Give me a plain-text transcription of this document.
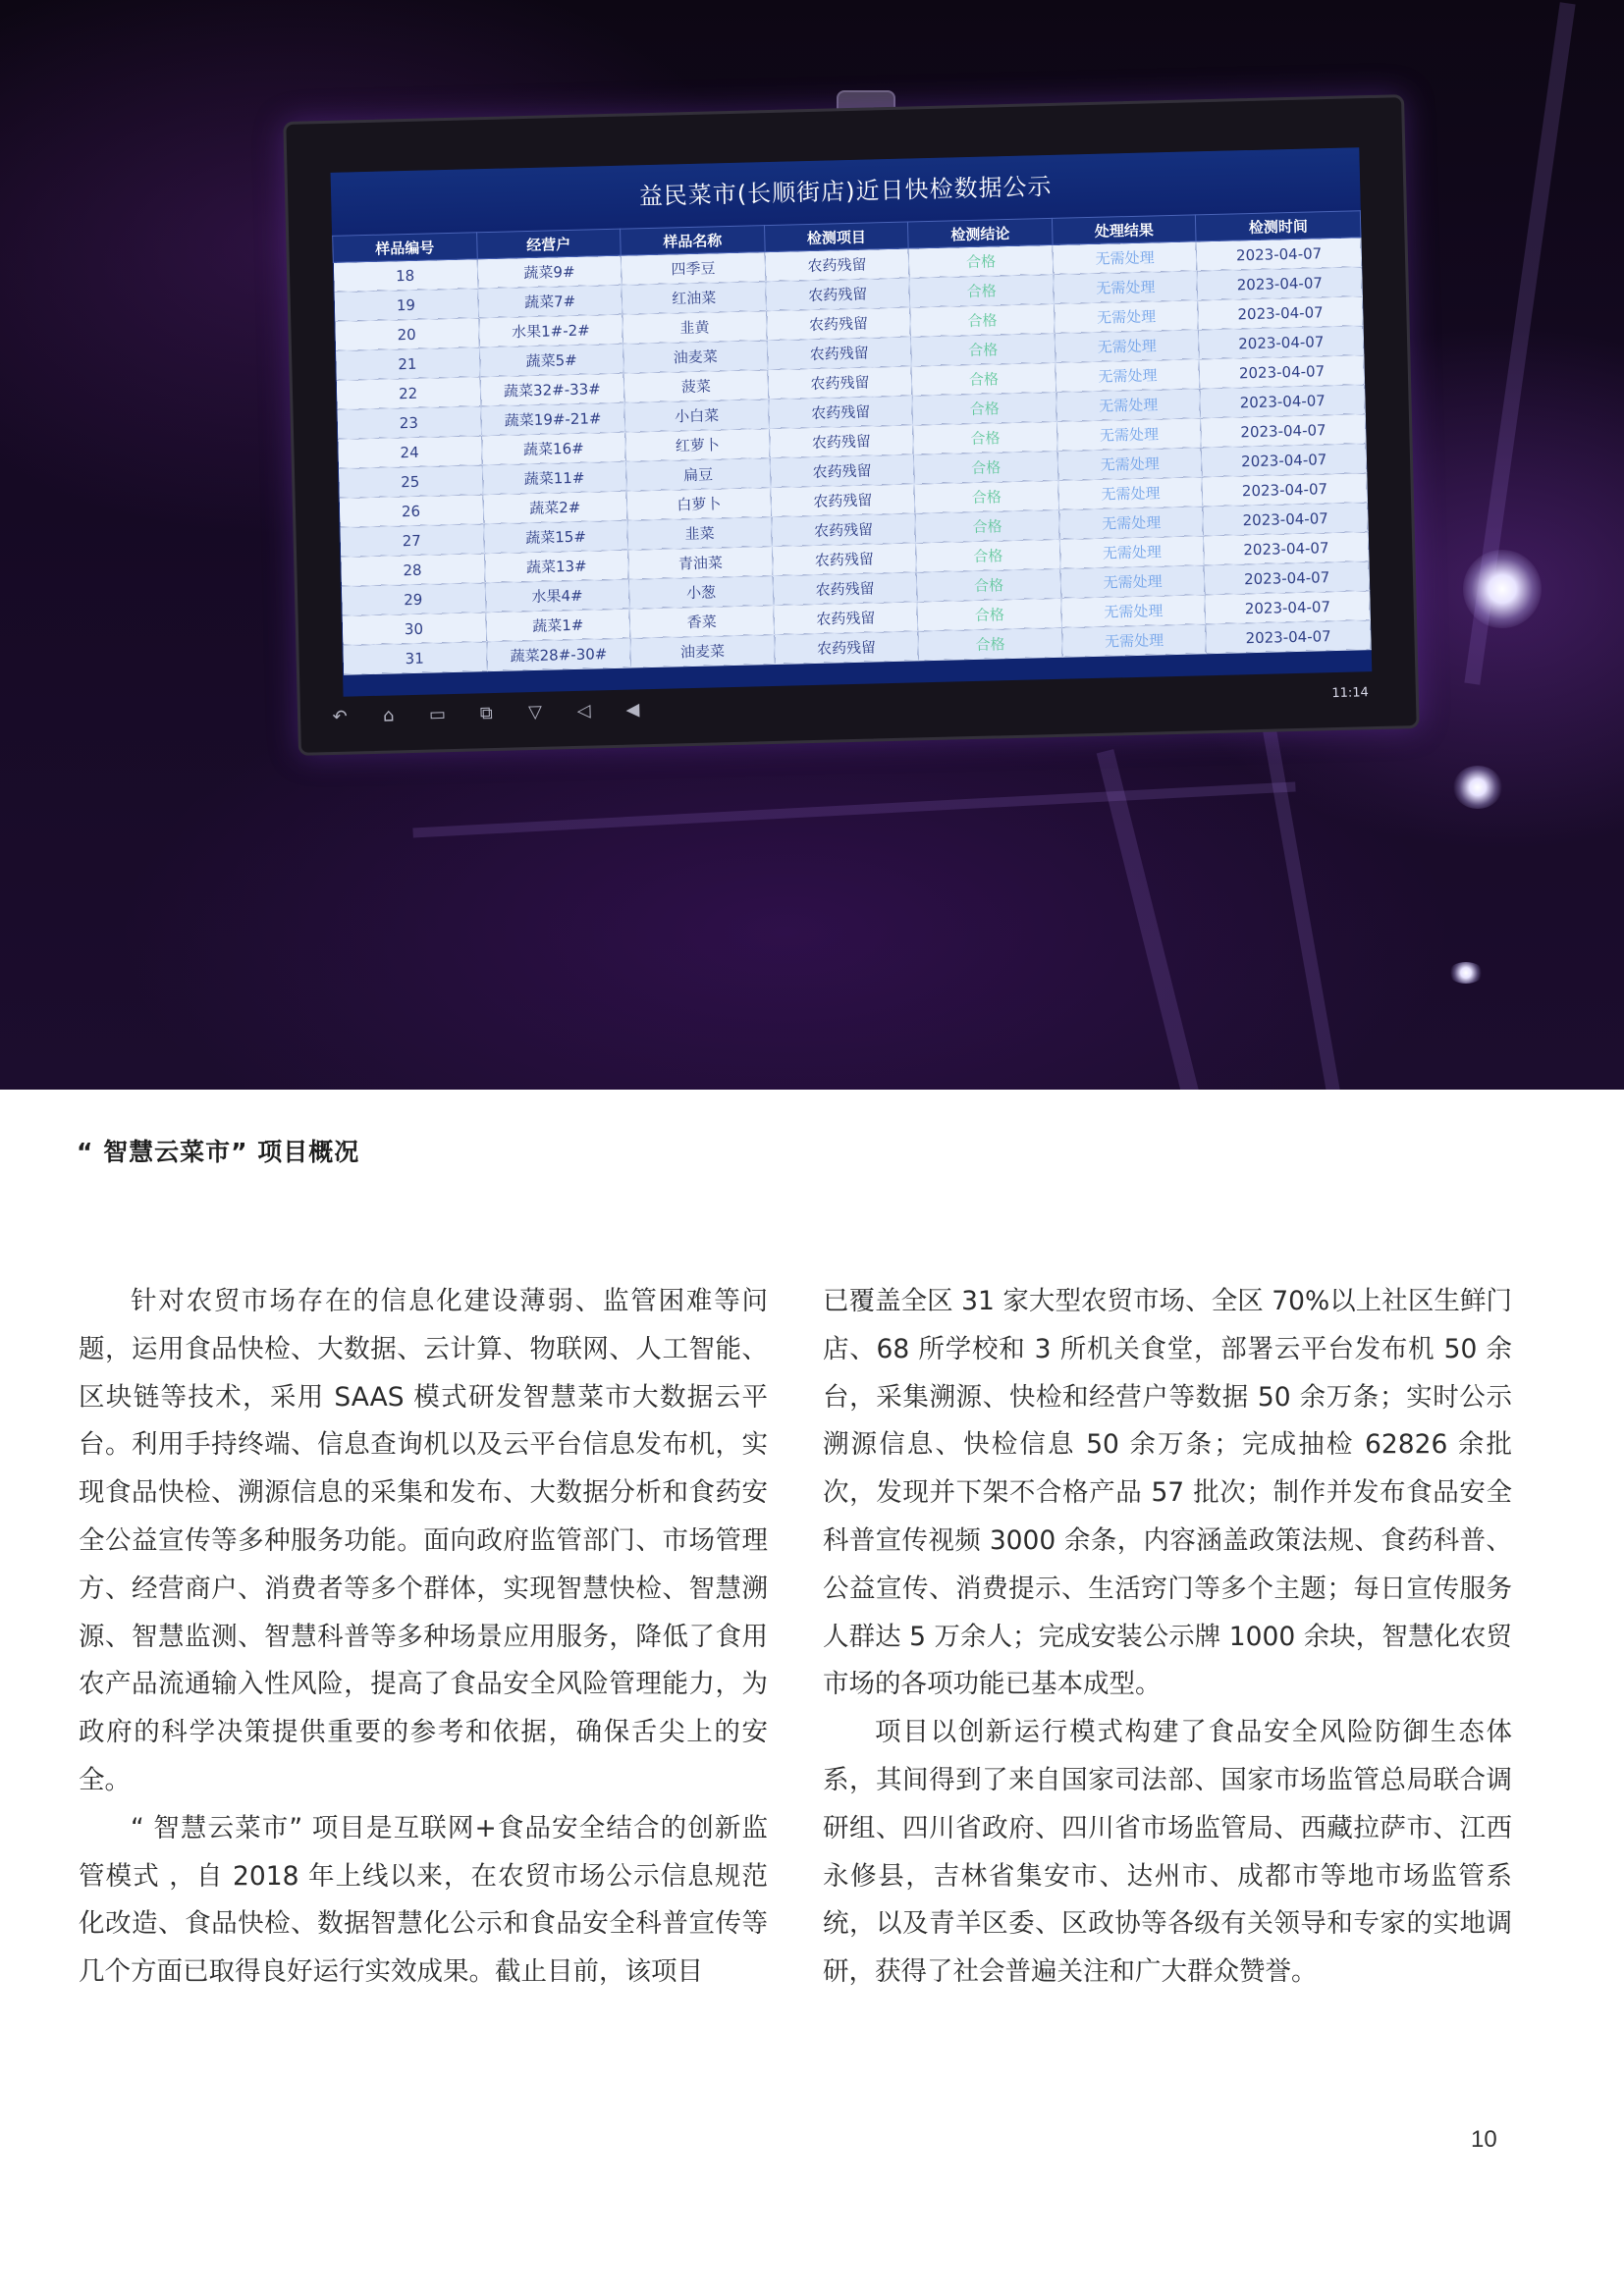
益民菜市(长顺街店)近日快检数据公示
样品编号	经营户	样品名称	检测项目	检测结论	处理结果	检测时间
18	蔬菜9#	四季豆	农药残留	合格	无需处理	2023-04-07
19	蔬菜7#	红油菜	农药残留	合格	无需处理	2023-04-07
20	水果1#-2#	韭黄	农药残留	合格	无需处理	2023-04-07
21	蔬菜5#	油麦菜	农药残留	合格	无需处理	2023-04-07
22	蔬菜32#-33#	菠菜	农药残留	合格	无需处理	2023-04-07
23	蔬菜19#-21#	小白菜	农药残留	合格	无需处理	2023-04-07
24	蔬菜16#	红萝卜	农药残留	合格	无需处理	2023-04-07
25	蔬菜11#	扁豆	农药残留	合格	无需处理	2023-04-07
26	蔬菜2#	白萝卜	农药残留	合格	无需处理	2023-04-07
27	蔬菜15#	韭菜	农药残留	合格	无需处理	2023-04-07
28	蔬菜13#	青油菜	农药残留	合格	无需处理	2023-04-07
29	水果4#	小葱	农药残留	合格	无需处理	2023-04-07
30	蔬菜1#	香菜	农药残留	合格	无需处理	2023-04-07
31	蔬菜28#-30#	油麦菜	农药残留	合格	无需处理	2023-04-07
↶ ⌂ ▭ ⧉ ▽ ◁ ◀
11:14
“ 智慧云菜市” 项目概况

针对农贸市场存在的信息化建设薄弱、监管困难等问题，运用食品快检、大数据、云计算、物联网、人工智能、区块链等技术，采用 SAAS 模式研发智慧菜市大数据云平台。利用手持终端、信息查询机以及云平台信息发布机，实现食品快检、溯源信息的采集和发布、大数据分析和食药安全公益宣传等多种服务功能。面向政府监管部门、市场管理方、经营商户、消费者等多个群体，实现智慧快检、智慧溯源、智慧监测、智慧科普等多种场景应用服务，降低了食用农产品流通输入性风险，提高了食品安全风险管理能力，为政府的科学决策提供重要的参考和依据，确保舌尖上的安全。

“ 智慧云菜市” 项目是互联网+食品安全结合的创新监管模式 ，自 2018 年上线以来，在农贸市场公示信息规范化改造、食品快检、数据智慧化公示和食品安全科普宣传等几个方面已取得良好运行实效成果。截止目前，该项目

已覆盖全区 31 家大型农贸市场、全区 70%以上社区生鲜门店、68 所学校和 3 所机关食堂，部署云平台发布机 50 余台，采集溯源、快检和经营户等数据 50 余万条；实时公示溯源信息、快检信息 50 余万条；完成抽检 62826 余批次，发现并下架不合格产品 57 批次；制作并发布食品安全科普宣传视频 3000 余条，内容涵盖政策法规、食药科普、公益宣传、消费提示、生活窍门等多个主题；每日宣传服务人群达 5 万余人；完成安装公示牌 1000 余块，智慧化农贸市场的各项功能已基本成型。

项目以创新运行模式构建了食品安全风险防御生态体系，其间得到了来自国家司法部、国家市场监管总局联合调研组、四川省政府、四川省市场监管局、西藏拉萨市、江西永修县，吉林省集安市、达州市、成都市等地市场监管系统，以及青羊区委、区政协等各级有关领导和专家的实地调研，获得了社会普遍关注和广大群众赞誉。

10
